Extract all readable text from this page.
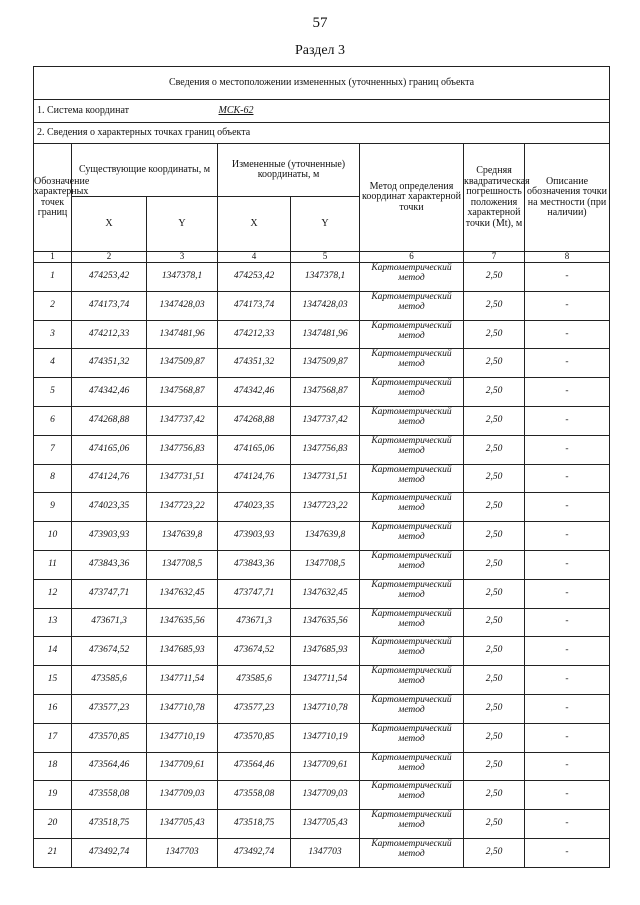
57
Раздел 3
Сведения о местоположении измененных (уточненных) границ объекта							
1. Система координат МСК-62							

2. Сведения о характерных точках границ объекта							
Обозначение характерных точек границ	Существующие координаты, м		Измененные (уточненные) координаты, м		Метод определения координат характерной точки	Средняя квадратическая погрешность положения характерной точки (Mt), м	Описание обозначения точки на местности (при наличии)
	X	Y	X	Y			
1	2	3	4	5	6	7	8
1	474253,42	1347378,1	474253,42	1347378,1	Картометрический метод	2,50	-
2	474173,74	1347428,03	474173,74	1347428,03	Картометрический метод	2,50	-
3	474212,33	1347481,96	474212,33	1347481,96	Картометрический метод	2,50	-
4	474351,32	1347509,87	474351,32	1347509,87	Картометрический метод	2,50	-
5	474342,46	1347568,87	474342,46	1347568,87	Картометрический метод	2,50	-
6	474268,88	1347737,42	474268,88	1347737,42	Картометрический метод	2,50	-
7	474165,06	1347756,83	474165,06	1347756,83	Картометрический метод	2,50	-
8	474124,76	1347731,51	474124,76	1347731,51	Картометрический метод	2,50	-
9	474023,35	1347723,22	474023,35	1347723,22	Картометрический метод	2,50	-
10	473903,93	1347639,8	473903,93	1347639,8	Картометрический метод	2,50	-
11	473843,36	1347708,5	473843,36	1347708,5	Картометрический метод	2,50	-
12	473747,71	1347632,45	473747,71	1347632,45	Картометрический метод	2,50	-
13	473671,3	1347635,56	473671,3	1347635,56	Картометрический метод	2,50	-
14	473674,52	1347685,93	473674,52	1347685,93	Картометрический метод	2,50	-
15	473585,6	1347711,54	473585,6	1347711,54	Картометрический метод	2,50	-
16	473577,23	1347710,78	473577,23	1347710,78	Картометрический метод	2,50	-
17	473570,85	1347710,19	473570,85	1347710,19	Картометрический метод	2,50	-
18	473564,46	1347709,61	473564,46	1347709,61	Картометрический метод	2,50	-
19	473558,08	1347709,03	473558,08	1347709,03	Картометрический метод	2,50	-
20	473518,75	1347705,43	473518,75	1347705,43	Картометрический метод	2,50	-
21	473492,74	1347703	473492,74	1347703	Картометрический метод	2,50	-
